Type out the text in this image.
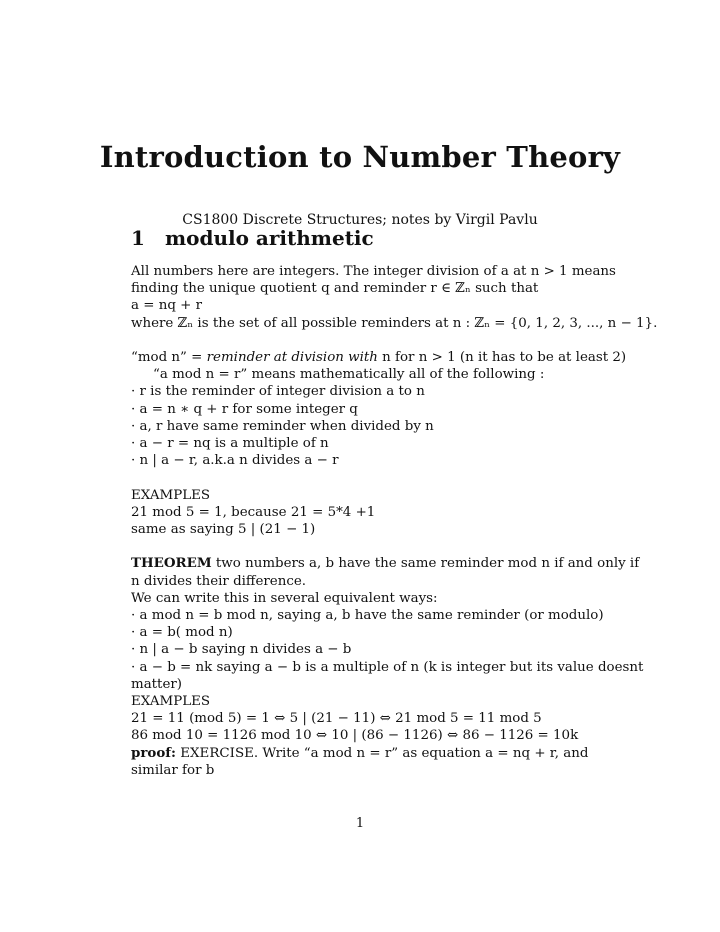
Introduction to Number Theory
CS1800 Discrete Structures; notes by Virgil Pavlu
1 modulo arithmetic
All numbers here are integers. The integer division of a at n > 1 means
finding the unique quotient q and reminder r ∈ ℤₙ such that
a = nq + r
where ℤₙ is the set of all possible reminders at n : ℤₙ = {0, 1, 2, 3, ..., n − 1}.
“mod n” = reminder at division with n for n > 1 (n it has to be at least 2)
“a mod n = r” means mathematically all of the following :
· r is the reminder of integer division a to n
· a = n ∗ q + r for some integer q
· a, r have same reminder when divided by n
· a − r = nq is a multiple of n
· n | a − r, a.k.a n divides a − r
EXAMPLES
21 mod 5 = 1, because 21 = 5*4 +1
same as saying 5 | (21 − 1)
THEOREM two numbers a, b have the same reminder mod n if and only if
n divides their difference.
We can write this in several equivalent ways:
· a mod n = b mod n, saying a, b have the same reminder (or modulo)
· a = b( mod n)
· n | a − b saying n divides a − b
· a − b = nk saying a − b is a multiple of n (k is integer but its value doesnt
matter)
EXAMPLES
21 = 11 (mod 5) = 1 ⇔ 5 | (21 − 11) ⇔ 21 mod 5 = 11 mod 5
86 mod 10 = 1126 mod 10 ⇔ 10 | (86 − 1126) ⇔ 86 − 1126 = 10k
proof: EXERCISE. Write “a mod n = r” as equation a = nq + r, and
similar for b
1
